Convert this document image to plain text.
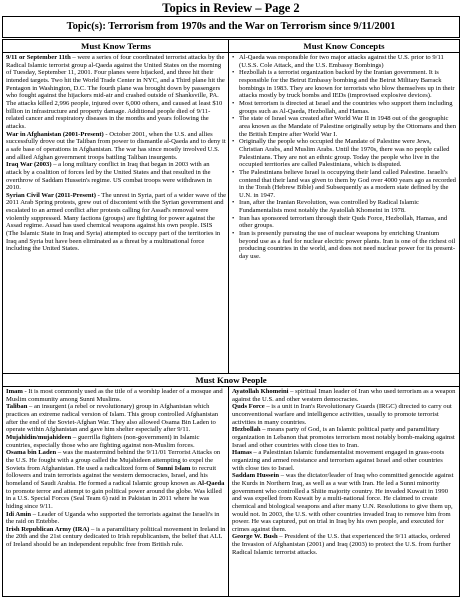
Topics in Review – Page 2
Topic(s): Terrorism from 1970s and the War on Terrorism since 9/11/2001
Must Know Terms	Must Know Concepts

9/11 or September 11th – were a series of four coordinated terrorist attacks by the Radical Islamic terrorist group al-Qaeda against the United States on the morning of Tuesday, September 11, 2001. Four planes were hijacked, and three hit their intended targets. Two hit the World Trade Center in NYC, and a Third plane hit the Pentagon in Washington, D.C. The fourth plane was brought down by passengers who fought against the hijackers mid-air and crashed outside of Shanksville, PA. The attacks killed 2,996 people, injured over 6,000 others, and caused at least $10 billion in infrastructure and property damage. Additional people died of 9/11-related cancer and respiratory diseases in the months and years following the attacks.

War in Afghanistan (2001-Present) - October 2001, when the U.S. and allies successfully drove out the Taliban from power to dismantle al-Qaeda and to deny it a safe base of operations in Afghanistan. The war has since mostly involved U.S. and allied Afghan government troops battling Taliban insurgents.

Iraq War (2003) – a long military conflict in Iraq that began in 2003 with an attack by a coalition of forces led by the United States and that resulted in the overthrow of Saddam Hussein's regime. US combat troops were withdrawn in 2010.

Syrian Civil War (2011-Present) - The unrest in Syria, part of a wider wave of the 2011 Arab Spring protests, grew out of discontent with the Syrian government and escalated to an armed conflict after protests calling for Assad's removal were violently suppressed. Many factions (groups) are fighting for power against the Assad regime. Assad has used chemical weapons against his own people. ISIS (The Islamic State in Iraq and Syria) attempted to occupy part of the territories in Iraq and Syria but have been eliminated as a threat by a multinational force including the United States.

• Al-Qaeda was responsible for two major attacks against the U.S. prior to 9/11 (U.S.S. Cole Attack, and the U.S. Embassy Bombings)
• Hezbollah is a terrorist organization backed by the Iranian government. It is responsible for the Beirut Embassy bombing and the Beirut Military Barrack bombings in 1983. They are known for terrorists who blow themselves up in their attacks mostly by truck bombs and IEDs (improvised explosive devices).
• Most terrorism is directed at Israel and the countries who support them including groups such as Al-Qaeda, Hezbollah, and Hamas.
• The state of Israel was created after World War II in 1948 out of the geographic area known as the Mandate of Palestine originally setup by the Ottomans and then the British Empire after World War I.
• Originally the people who occupied the Mandate of Palestine were Jews, Christian Arabs, and Muslim Arabs. Until the 1970s, there was no people called Palestinians. They are not an ethnic group. Today the people who live in the occupied territories are called Palestinians, which is disputed.
• The Palestinians believe Israel is occupying their land called Palestine. Israeli's contend that their land was given to them by God over 4000 years ago as recorded in the Torah (Hebrew Bible) and Subsequently as a modern state defined by the U.N. in 1947.
• Iran, after the Iranian Revolution, was controlled by Radical Islamic Fundamentalists most notably the Ayatollah Khomeini in 1978.
• Iran has sponsored terrorism through their Quds Force, Hezbollah, Hamas, and other groups.
• Iran is presently pursuing the use of nuclear weapons by enriching Uranium beyond use as a fuel for nuclear electric power plants. Iran is one of the richest oil producing countries in the world, and does not need nuclear power for its present-day use.
Must Know People

Imam - It is most commonly used as the title of a worship leader of a mosque and Muslim community among Sunni Muslims.

Taliban – an insurgent (a rebel or revolutionary) group in Afghanistan which practices an extreme radical version of Islam. This group controlled Afghanistan after the end of the Soviet-Afghan War. They also allowed Osama Bin Laden to operate within Afghanistan and gave him shelter especially after 9/11.

Mujahidin/mujahideen – guerrilla fighters (non-government) in Islamic countries, especially those who are fighting against non-Muslim forces.

Osama bin Laden – was the mastermind behind the 9/11/01 Terrorist Attacks on the U.S. He fought with a group called the Mujahideen attempting to expel the Soviets from Afghanistan. He used a radicalized form of Sunni Islam to recruit followers and train terrorists against the western democracies, Israel, and his homeland of Saudi Arabia. He formed a radical Islamic group known as Al-Qaeda to promote terror and attempt to gain political power around the globe. Was killed in a U.S. Special Forces (Seal Team 6) raid in Pakistan in 2011 where he was hiding since 9/11.

Idi Amin – Leader of Uganda who supported the terrorists against the Israeli's in the raid on Entebbe.

Irish Republican Army (IRA) – is a paramilitary political movement in Ireland in the 20th and the 21st century dedicated to Irish republicanism, the belief that ALL of Ireland should be an independent republic free from British rule.

Ayatollah Khomeini – spiritual Iman leader of Iran who used terrorism as a weapon against the U.S. and other western democracies.

Quds Force – is a unit in Iran's Revolutionary Guards (IRGC) directed to carry out unconventional warfare and intelligence activities, usually to promote terrorist activities in many countries.

Hezbollah – means party of God, is an Islamic political party and paramilitary organization in Lebanon that promotes terrorism most notably bomb-making against Israel and other countries with close ties to Iran.

Hamas – a Palestinian Islamic fundamentalist movement engaged in grass-roots organizing and armed resistance and terrorism against Israel and other countries with close ties to Israel.

Saddam Hussein – was the dictator/leader of Iraq who committed genocide against the Kurds in Northern Iraq, as well as a war with Iran. He led a Sunni minority government who controlled a Shiite majority country. He invaded Kuwait in 1990 and was expelled from Kuwait by a multi-national force. He claimed to create chemical and biological weapons and after many U.N. Resolutions to give them up, would not. In 2003, the U.S. with other countries invaded Iraq to remove him from power. He was captured, put on trial in Iraq by his own people, and executed for crimes against them.

George W. Bush – President of the U.S. that experienced the 9/11 attacks, ordered the Invasion of Afghanistan (2001) and Iraq (2003) to protect the U.S. from further Radical Islamic terrorist attacks.
